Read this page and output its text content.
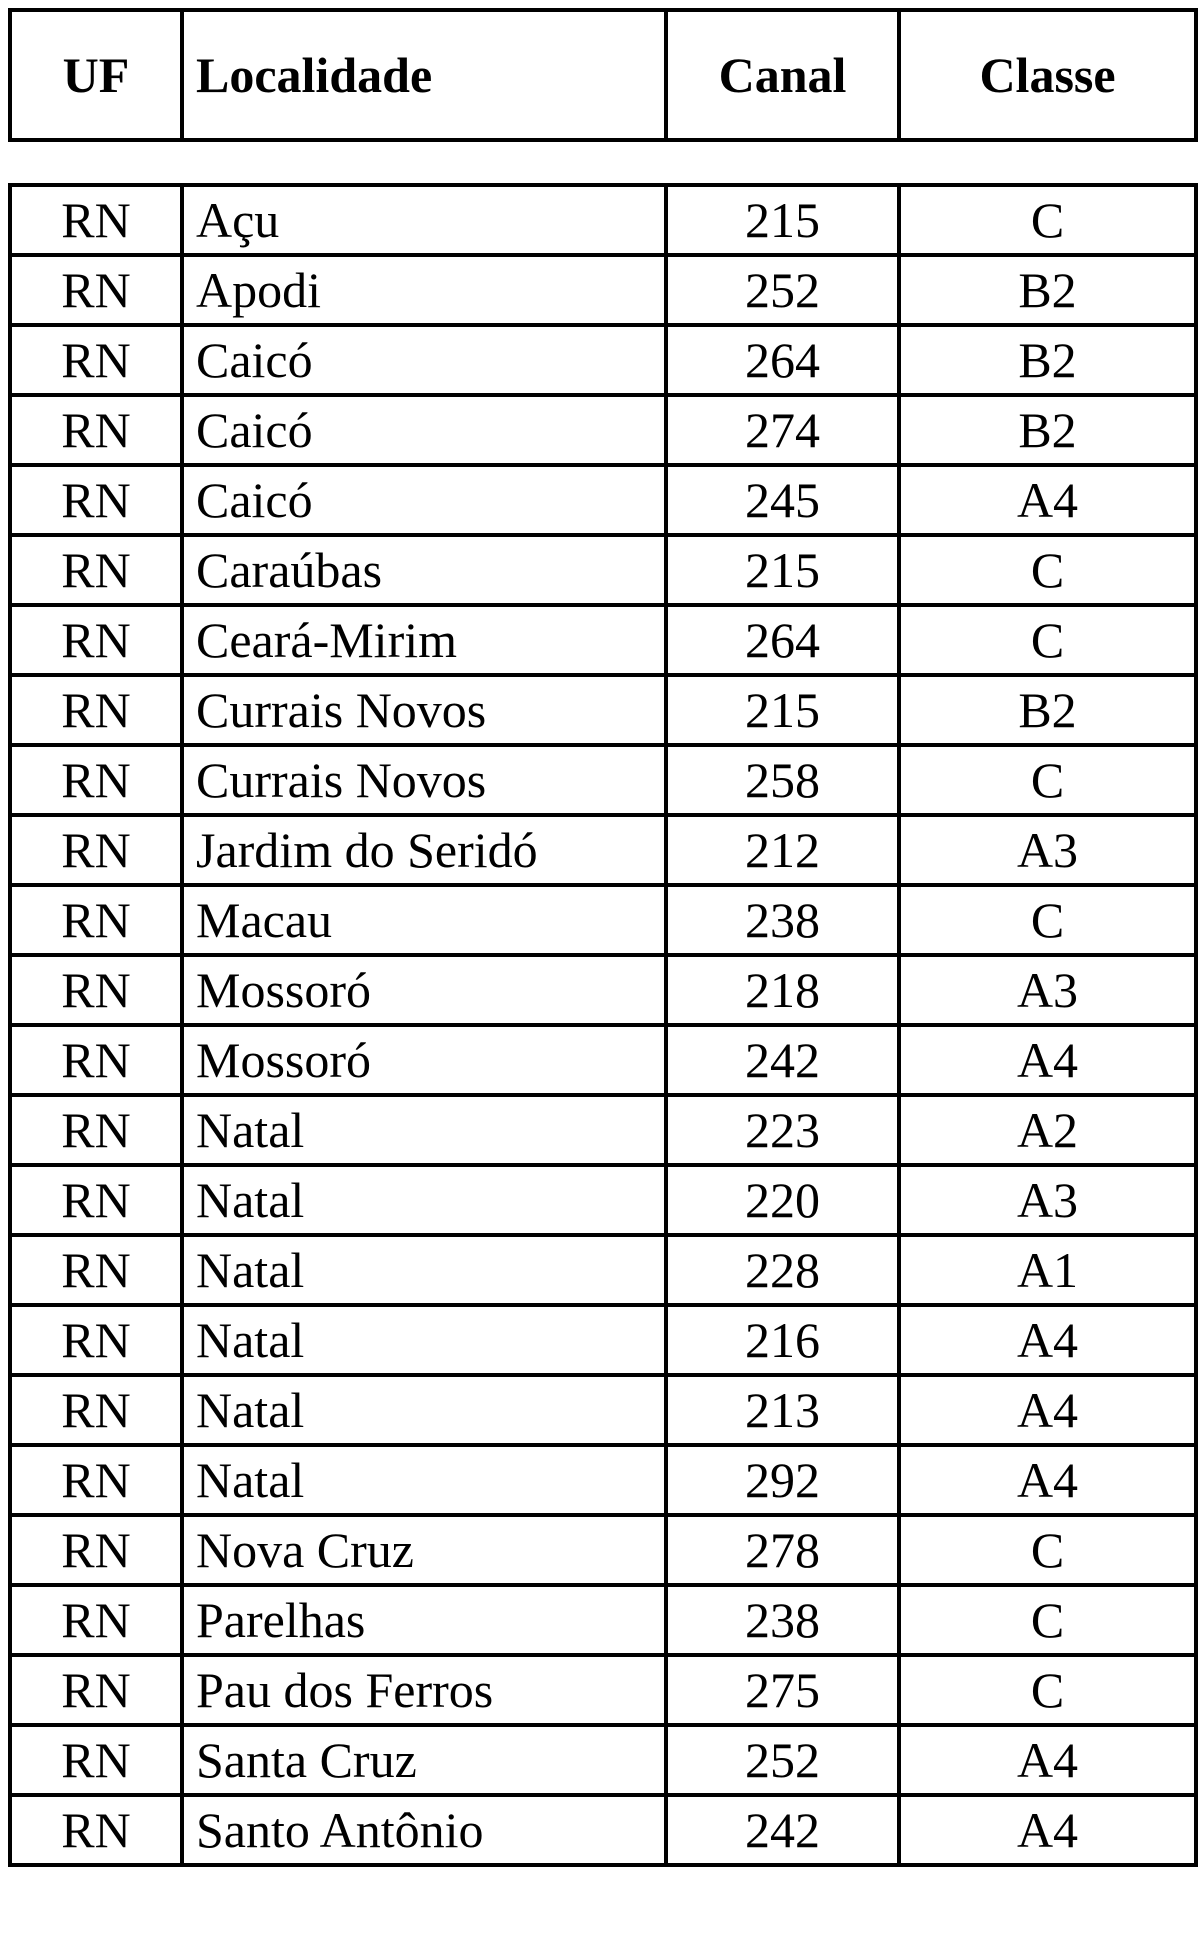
UF	Localidade	Canal	Classe
RN	Açu	215	C
RN	Apodi	252	B2
RN	Caicó	264	B2
RN	Caicó	274	B2
RN	Caicó	245	A4
RN	Caraúbas	215	C
RN	Ceará-Mirim	264	C
RN	Currais Novos	215	B2
RN	Currais Novos	258	C
RN	Jardim do Seridó	212	A3
RN	Macau	238	C
RN	Mossoró	218	A3
RN	Mossoró	242	A4
RN	Natal	223	A2
RN	Natal	220	A3
RN	Natal	228	A1
RN	Natal	216	A4
RN	Natal	213	A4
RN	Natal	292	A4
RN	Nova Cruz	278	C
RN	Parelhas	238	C
RN	Pau dos Ferros	275	C
RN	Santa Cruz	252	A4
RN	Santo Antônio	242	A4
